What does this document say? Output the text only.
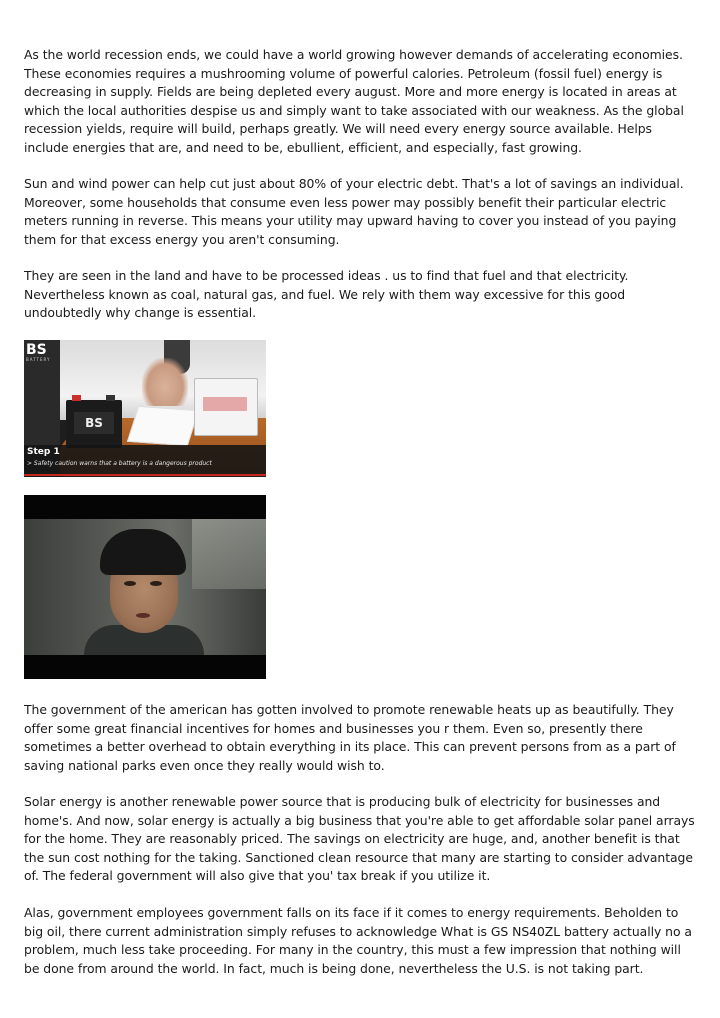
As the world recession ends, we could have a world growing however demands of accelerating economies. These economies requires a mushrooming volume of powerful calories. Petroleum (fossil fuel) energy is decreasing in supply. Fields are being depleted every august. More and more energy is located in areas at which the local authorities despise us and simply want to take associated with our weakness. As the global recession yields, require will build, perhaps greatly. We will need every energy source available. Helps include energies that are, and need to be, ebullient, efficient, and especially, fast growing.

Sun and wind power can help cut just about 80% of your electric debt. That's a lot of savings an individual. Moreover, some households that consume even less power may possibly benefit their particular electric meters running in reverse. This means your utility may upward having to cover you instead of you paying them for that excess energy you aren't consuming.

They are seen in the land and have to be processed ideas . us to find that fuel and that electricity. Nevertheless known as coal, natural gas, and fuel. We rely with them way excessive for this good undoubtedly why change is essential.

BS
BATTERY
BS
Step 1
> Safety caution warns that a battery is a dangerous product

The government of the american has gotten involved to promote renewable heats up as beautifully. They offer some great financial incentives for homes and businesses you r them. Even so, presently there sometimes a better overhead to obtain everything in its place. This can prevent persons from as a part of saving national parks even once they really would wish to.

Solar energy is another renewable power source that is producing bulk of electricity for businesses and home's. And now, solar energy is actually a big business that you're able to get affordable solar panel arrays for the home. They are reasonably priced. The savings on electricity are huge, and, another benefit is that the sun cost nothing for the taking. Sanctioned clean resource that many are starting to consider advantage of. The federal government will also give that you' tax break if you utilize it.

Alas, government employees government falls on its face if it comes to energy requirements. Beholden to big oil, there current administration simply refuses to acknowledge What is GS NS40ZL battery actually no a problem, much less take proceeding. For many in the country, this must a few impression that nothing will be done from around the world. In fact, much is being done, nevertheless the U.S. is not taking part.
